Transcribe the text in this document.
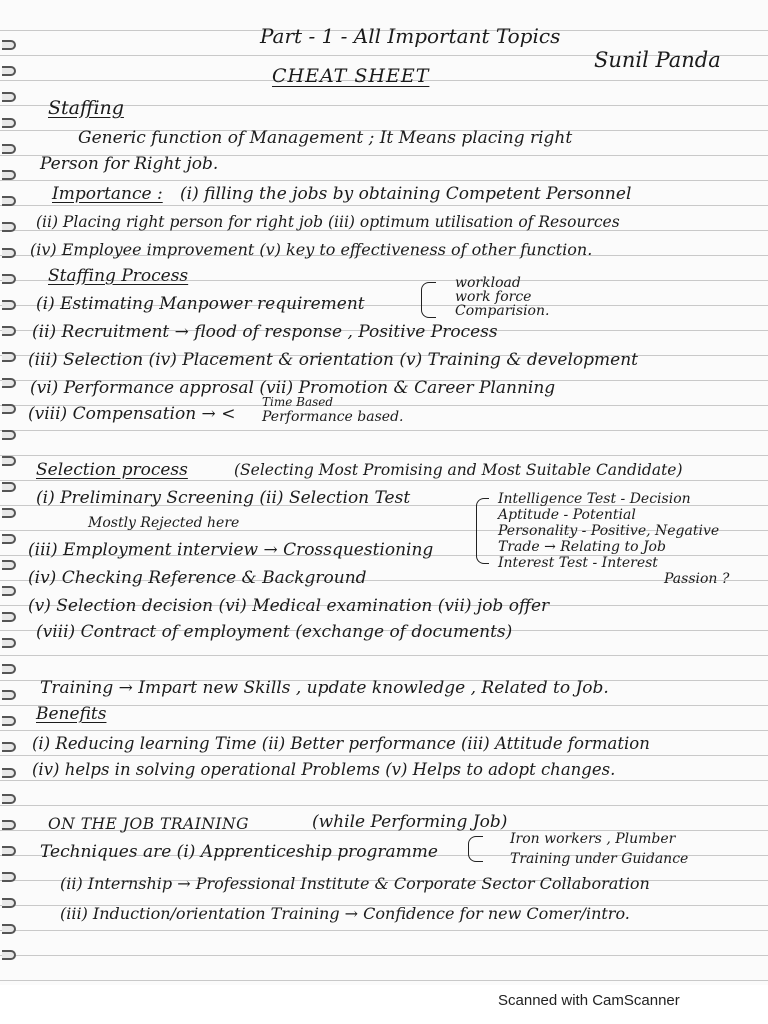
Part - 1 - All Important Topics
CHEAT SHEET
Sunil Panda
Staffing
Generic function of Management ; It Means placing right
Person for Right job.
Importance : (i) filling the jobs by obtaining Competent Personnel
(ii) Placing right person for right job (iii) optimum utilisation of Resources
(iv) Employee improvement (v) key to effectiveness of other function.
Staffing Process
(i) Estimating Manpower requirement
workload
work force
Comparision.
(ii) Recruitment → flood of response , Positive Process
(iii) Selection (iv) Placement & orientation (v) Training & development
(vi) Performance approsal (vii) Promotion & Career Planning
(viii) Compensation → <
Time Based
Performance based.
Selection process	(Selecting Most Promising and Most Suitable Candidate)
(i) Preliminary Screening (ii) Selection Test
Mostly Rejected here
Intelligence Test - Decision
Aptitude - Potential
Personality - Positive, Negative
Trade → Relating to Job
Interest Test - Interest
Passion ?
(iii) Employment interview → Crossquestioning
(iv) Checking Reference & Background
(v) Selection decision (vi) Medical examination (vii) job offer
(viii) Contract of employment (exchange of documents)
Training → Impart new Skills , update knowledge , Related to Job.
Benefits
(i) Reducing learning Time (ii) Better performance (iii) Attitude formation
(iv) helps in solving operational Problems (v) Helps to adopt changes.
ON THE JOB TRAINING	(while Performing Job)
Techniques are (i) Apprenticeship programme
Iron workers , Plumber
Training under Guidance
(ii) Internship → Professional Institute & Corporate Sector Collaboration
(iii) Induction/orientation Training → Confidence for new Comer/intro.
Scanned with CamScanner
